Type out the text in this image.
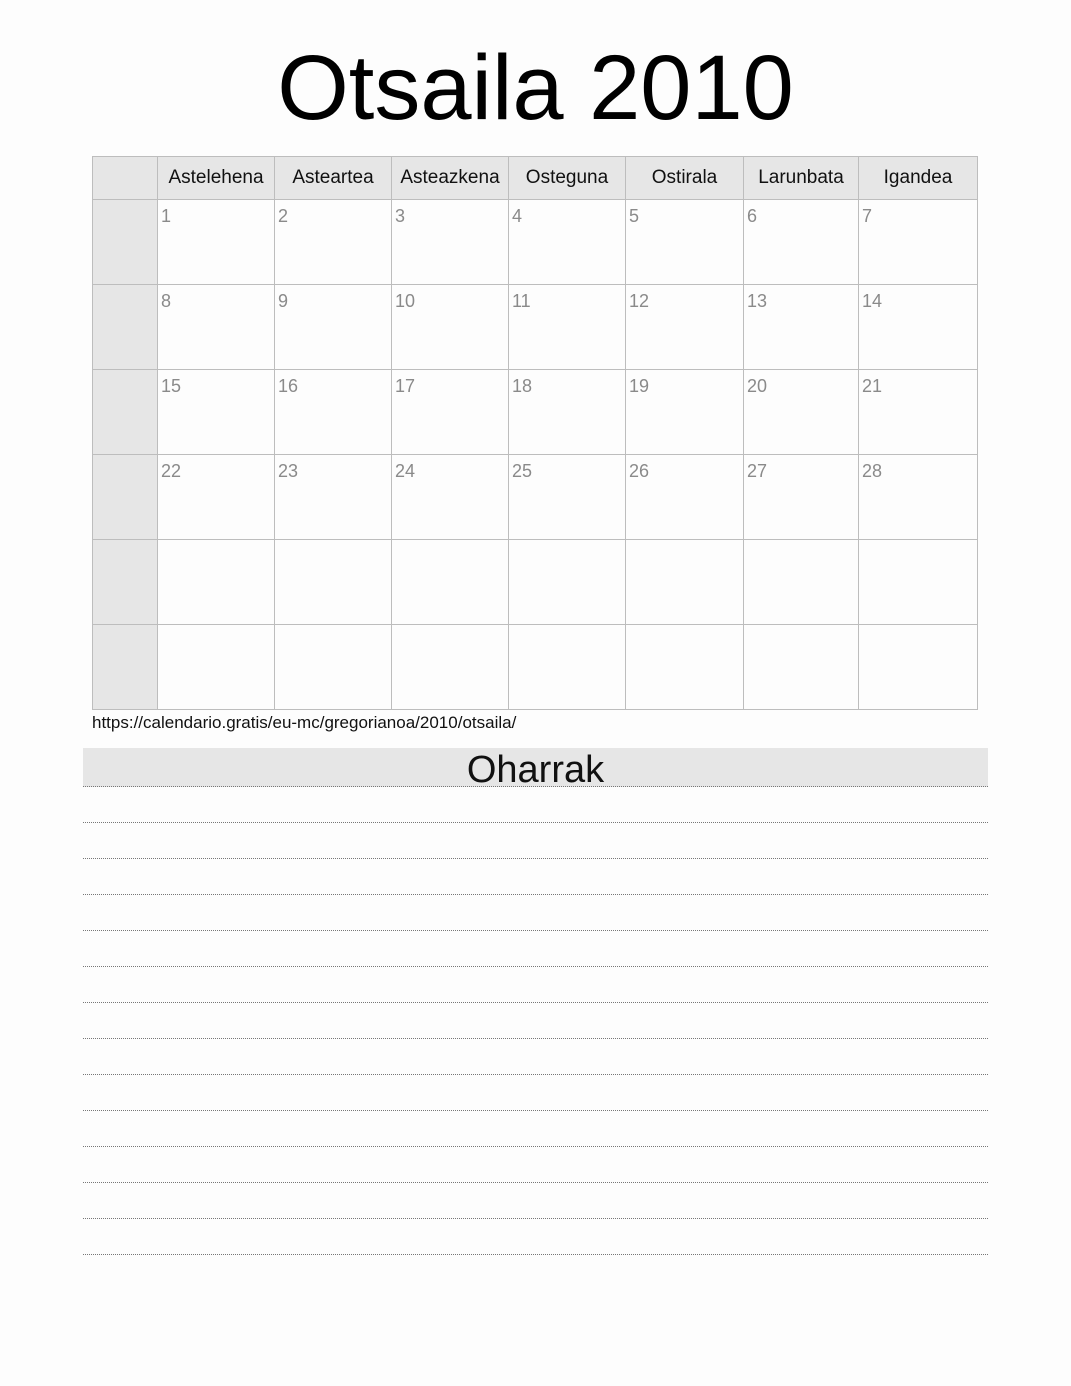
Otsaila 2010
	Astelehena	Asteartea	Asteazkena	Osteguna	Ostirala	Larunbata	Igandea

	1	2	3	4	5	6	7

	8	9	10	11	12	13	14

	15	16	17	18	19	20	21

	22	23	24	25	26	27	28

https://calendario.gratis/eu-mc/gregorianoa/2010/otsaila/
Oharrak
